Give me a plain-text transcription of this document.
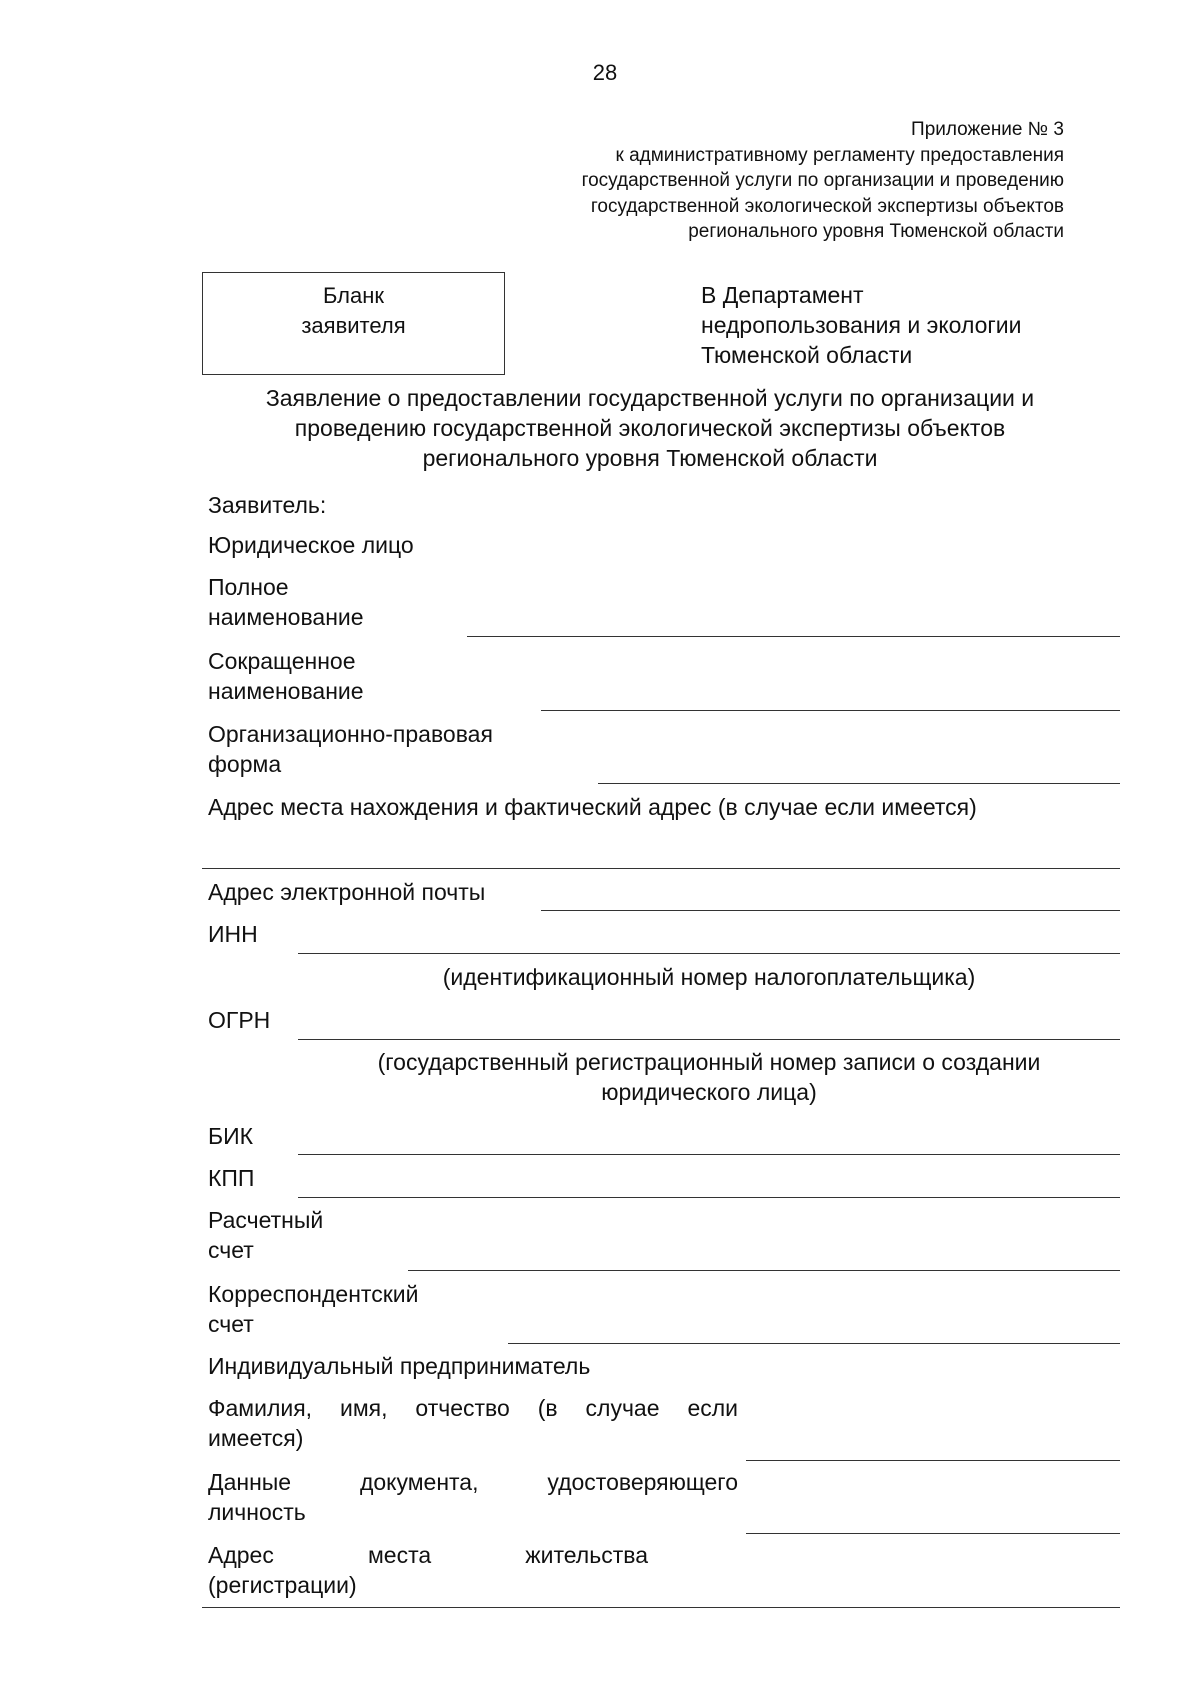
28
Приложение № 3
к административному регламенту предоставления
государственной услуги по организации и проведению
государственной экологической экспертизы объектов
регионального уровня Тюменской области
Бланк
заявителя
В Департамент
недропользования и экологии
Тюменской области
Заявление о предоставлении государственной услуги по организации и
проведению государственной экологической экспертизы объектов
регионального уровня Тюменской области
Заявитель:
Юридическое лицо
Полное
наименование
Сокращенное
наименование
Организационно-правовая
форма
Адрес места нахождения и фактический адрес (в случае если имеется)
Адрес электронной почты
ИНН
(идентификационный номер налогоплательщика)
ОГРН
(государственный регистрационный номер записи о создании
юридического лица)
БИК
КПП
Расчетный
счет
Корреспондентский
счет
Индивидуальный предприниматель
Фамилия, имя, отчество (в случае если
имеется)
Данные документа, удостоверяющего
личность
Адрес места жительства
(регистрации)
